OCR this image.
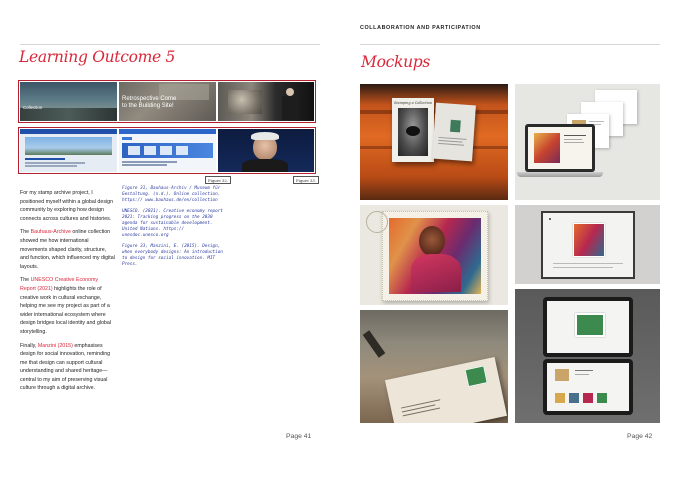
Learning Outcome 5
Collection
Retrospective Come to the Building Site!
Figure 32.	Figure 33.

For my stamp archive project, I positioned myself within a global design community by exploring how design connects across cultures and histories.

The Bauhaus-Archive online collection showed me how international movements shaped clarity, structure, and function, which influenced my digital layouts.

The UNESCO Creative Economy Report (2021) highlights the role of creative work in cultural exchange, helping me see my project as part of a wider international ecosystem where design bridges local identity and global storytelling.

Finally, Manzini (2015) emphasises design for social innovation, reminding me that design can support cultural understanding and shared heritage—central to my aim of preserving visual culture through a digital archive.

Figure 31, Bauhaus-Archiv / Museum für Gestaltung. (n.d.). Online collection. https:// www.bauhaus.de/en/collection

UNESCO. (2021). Creative economy report 2021: Tracking progress on the 2030 agenda for sustainable development. United Nations. https:// unesdoc.unesco.org

Figure 33, Manzini, E. (2015). Design, when everybody designs: An introduction to design for social innovation. MIT Press.

Page 41
COLLABORATION AND PARTICIPATION
Mockups
Stamping a Collection
Page 42
